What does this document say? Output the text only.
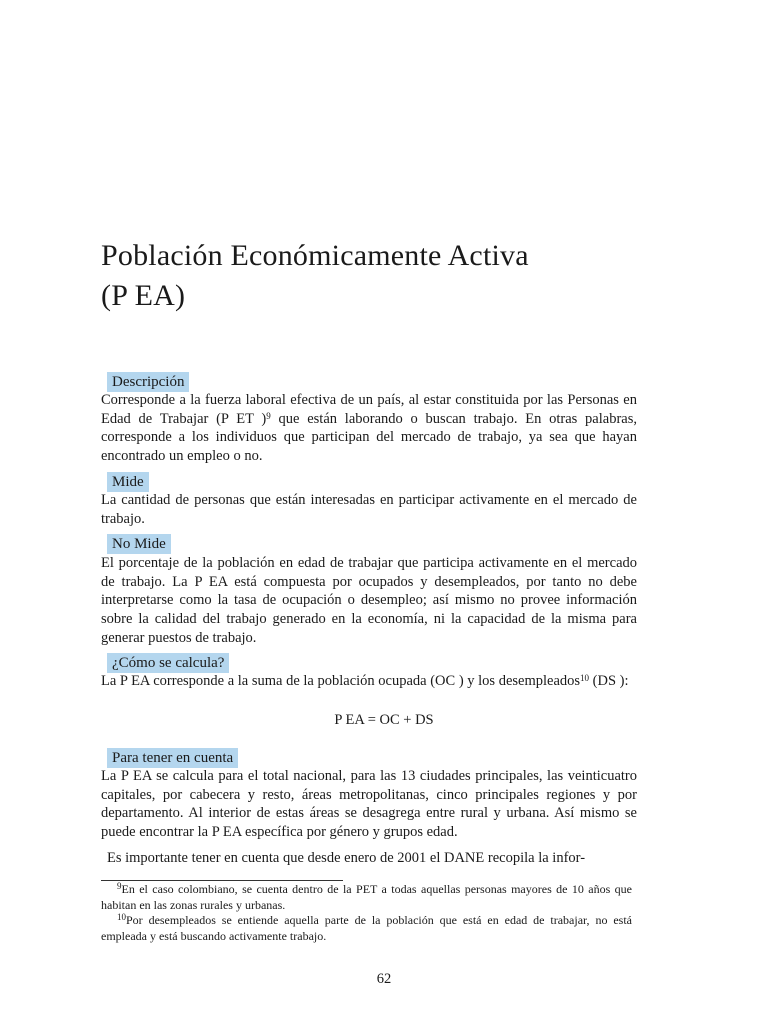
Población Económicamente Activa
(P EA)
Descripción

Corresponde a la fuerza laboral efectiva de un país, al estar constituida por las Personas en Edad de Trabajar (P ET )$^9$ que están laborando o buscan trabajo. En otras palabras, corresponde a los individuos que participan del mercado de trabajo, ya sea que hayan encontrado un empleo o no.

Mide

La cantidad de personas que están interesadas en participar activamente en el mercado de trabajo.

No Mide

El porcentaje de la población en edad de trabajar que participa activamente en el mercado de trabajo. La P EA está compuesta por ocupados y desempleados, por tanto no debe interpretarse como la tasa de ocupación o desempleo; así mismo no provee información sobre la calidad del trabajo generado en la economía, ni la capacidad de la misma para generar puestos de trabajo.

¿Cómo se calcula?

La P EA corresponde a la suma de la población ocupada (OC ) y los desempleados$^{10}$ (DS ):

P EA = OC + DS

Para tener en cuenta

La P EA se calcula para el total nacional, para las 13 ciudades principales, las veinticuatro capitales, por cabecera y resto, áreas metropolitanas, cinco principales regiones y por departamento. Al interior de estas áreas se desagrega entre rural y urbana. Así mismo se puede encontrar la P EA específica por género y grupos edad.

Es importante tener en cuenta que desde enero de 2001 el DANE recopila la infor-

$^9$En el caso colombiano, se cuenta dentro de la PET a todas aquellas personas mayores de 10 años que habitan en las zonas rurales y urbanas.

$^{10}$Por desempleados se entiende aquella parte de la población que está en edad de trabajar, no está empleada y está buscando activamente trabajo.

62
